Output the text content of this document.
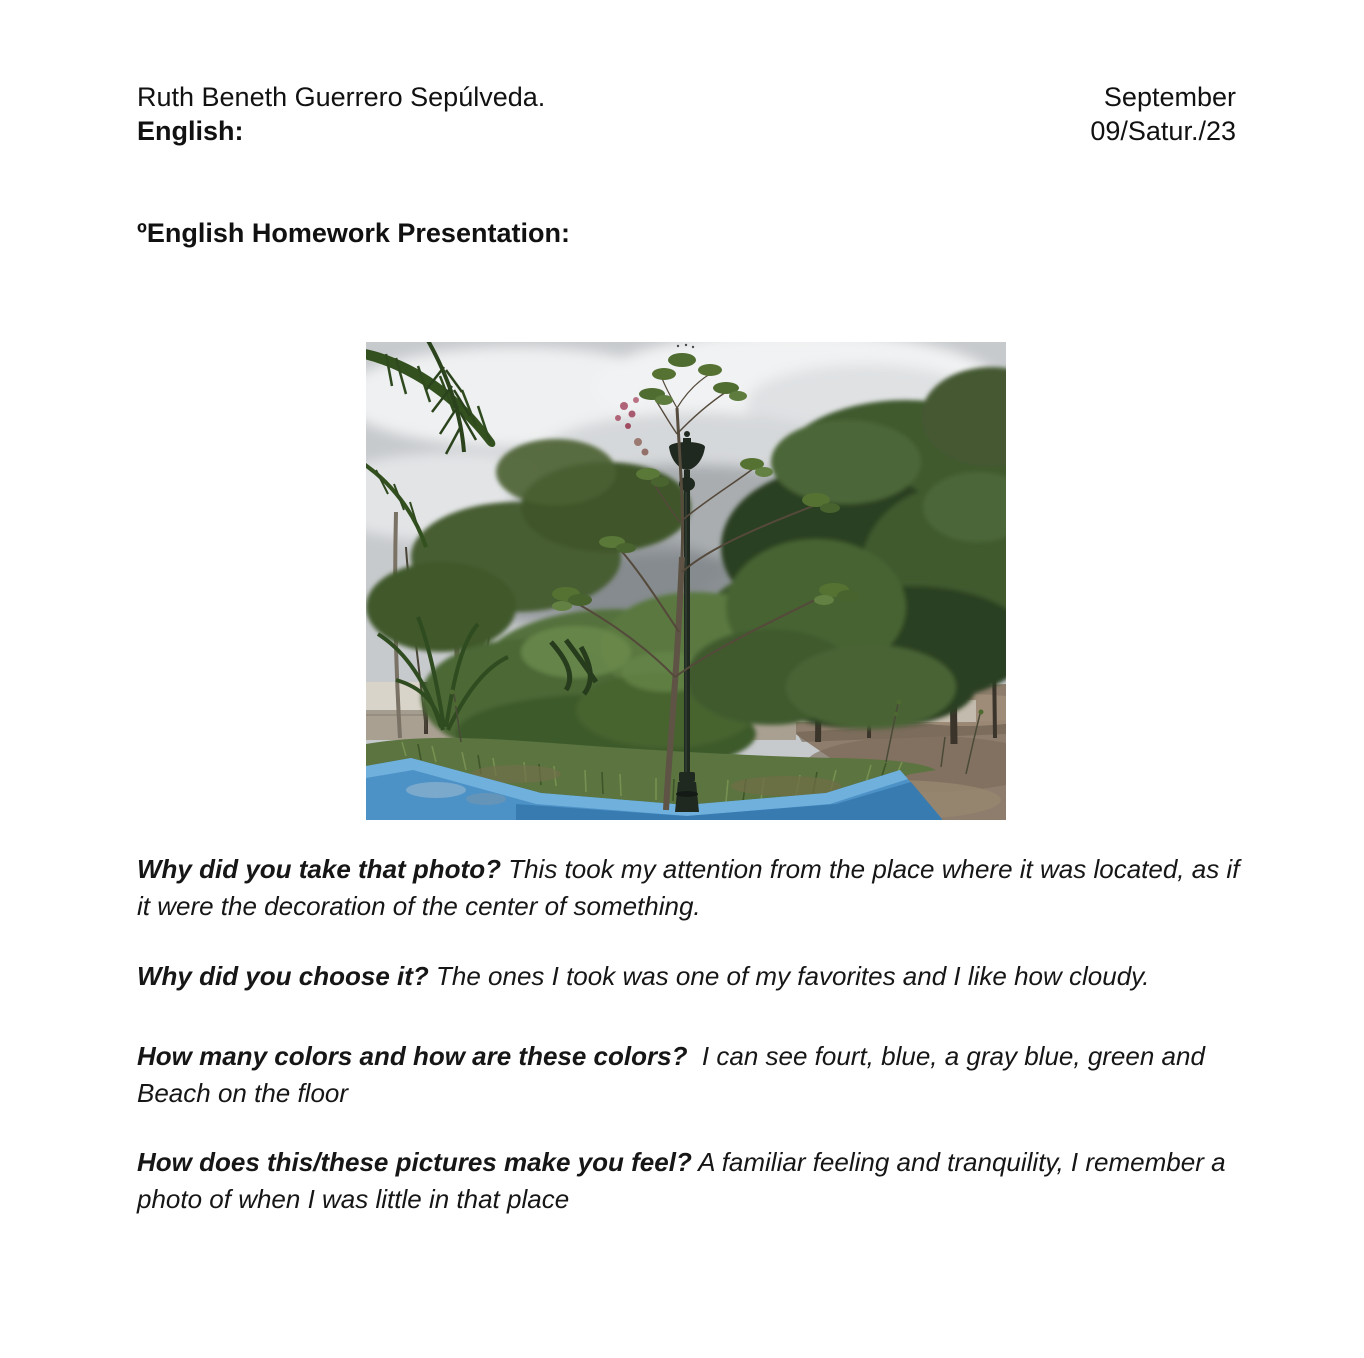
Ruth Beneth Guerrero Sepúlveda.
English:
September
09/Satur./23
ºEnglish Homework Presentation:

Why did you take that photo? This took my attention from the place where it was located, as if it were the decoration of the center of something.

Why did you choose it? The ones I took was one of my favorites and I like how cloudy.

How many colors and how are these colors?  I can see fourt, blue, a gray blue, green and Beach on the floor

How does this/these pictures make you feel? A familiar feeling and tranquility, I remember a photo of when I was little in that place
